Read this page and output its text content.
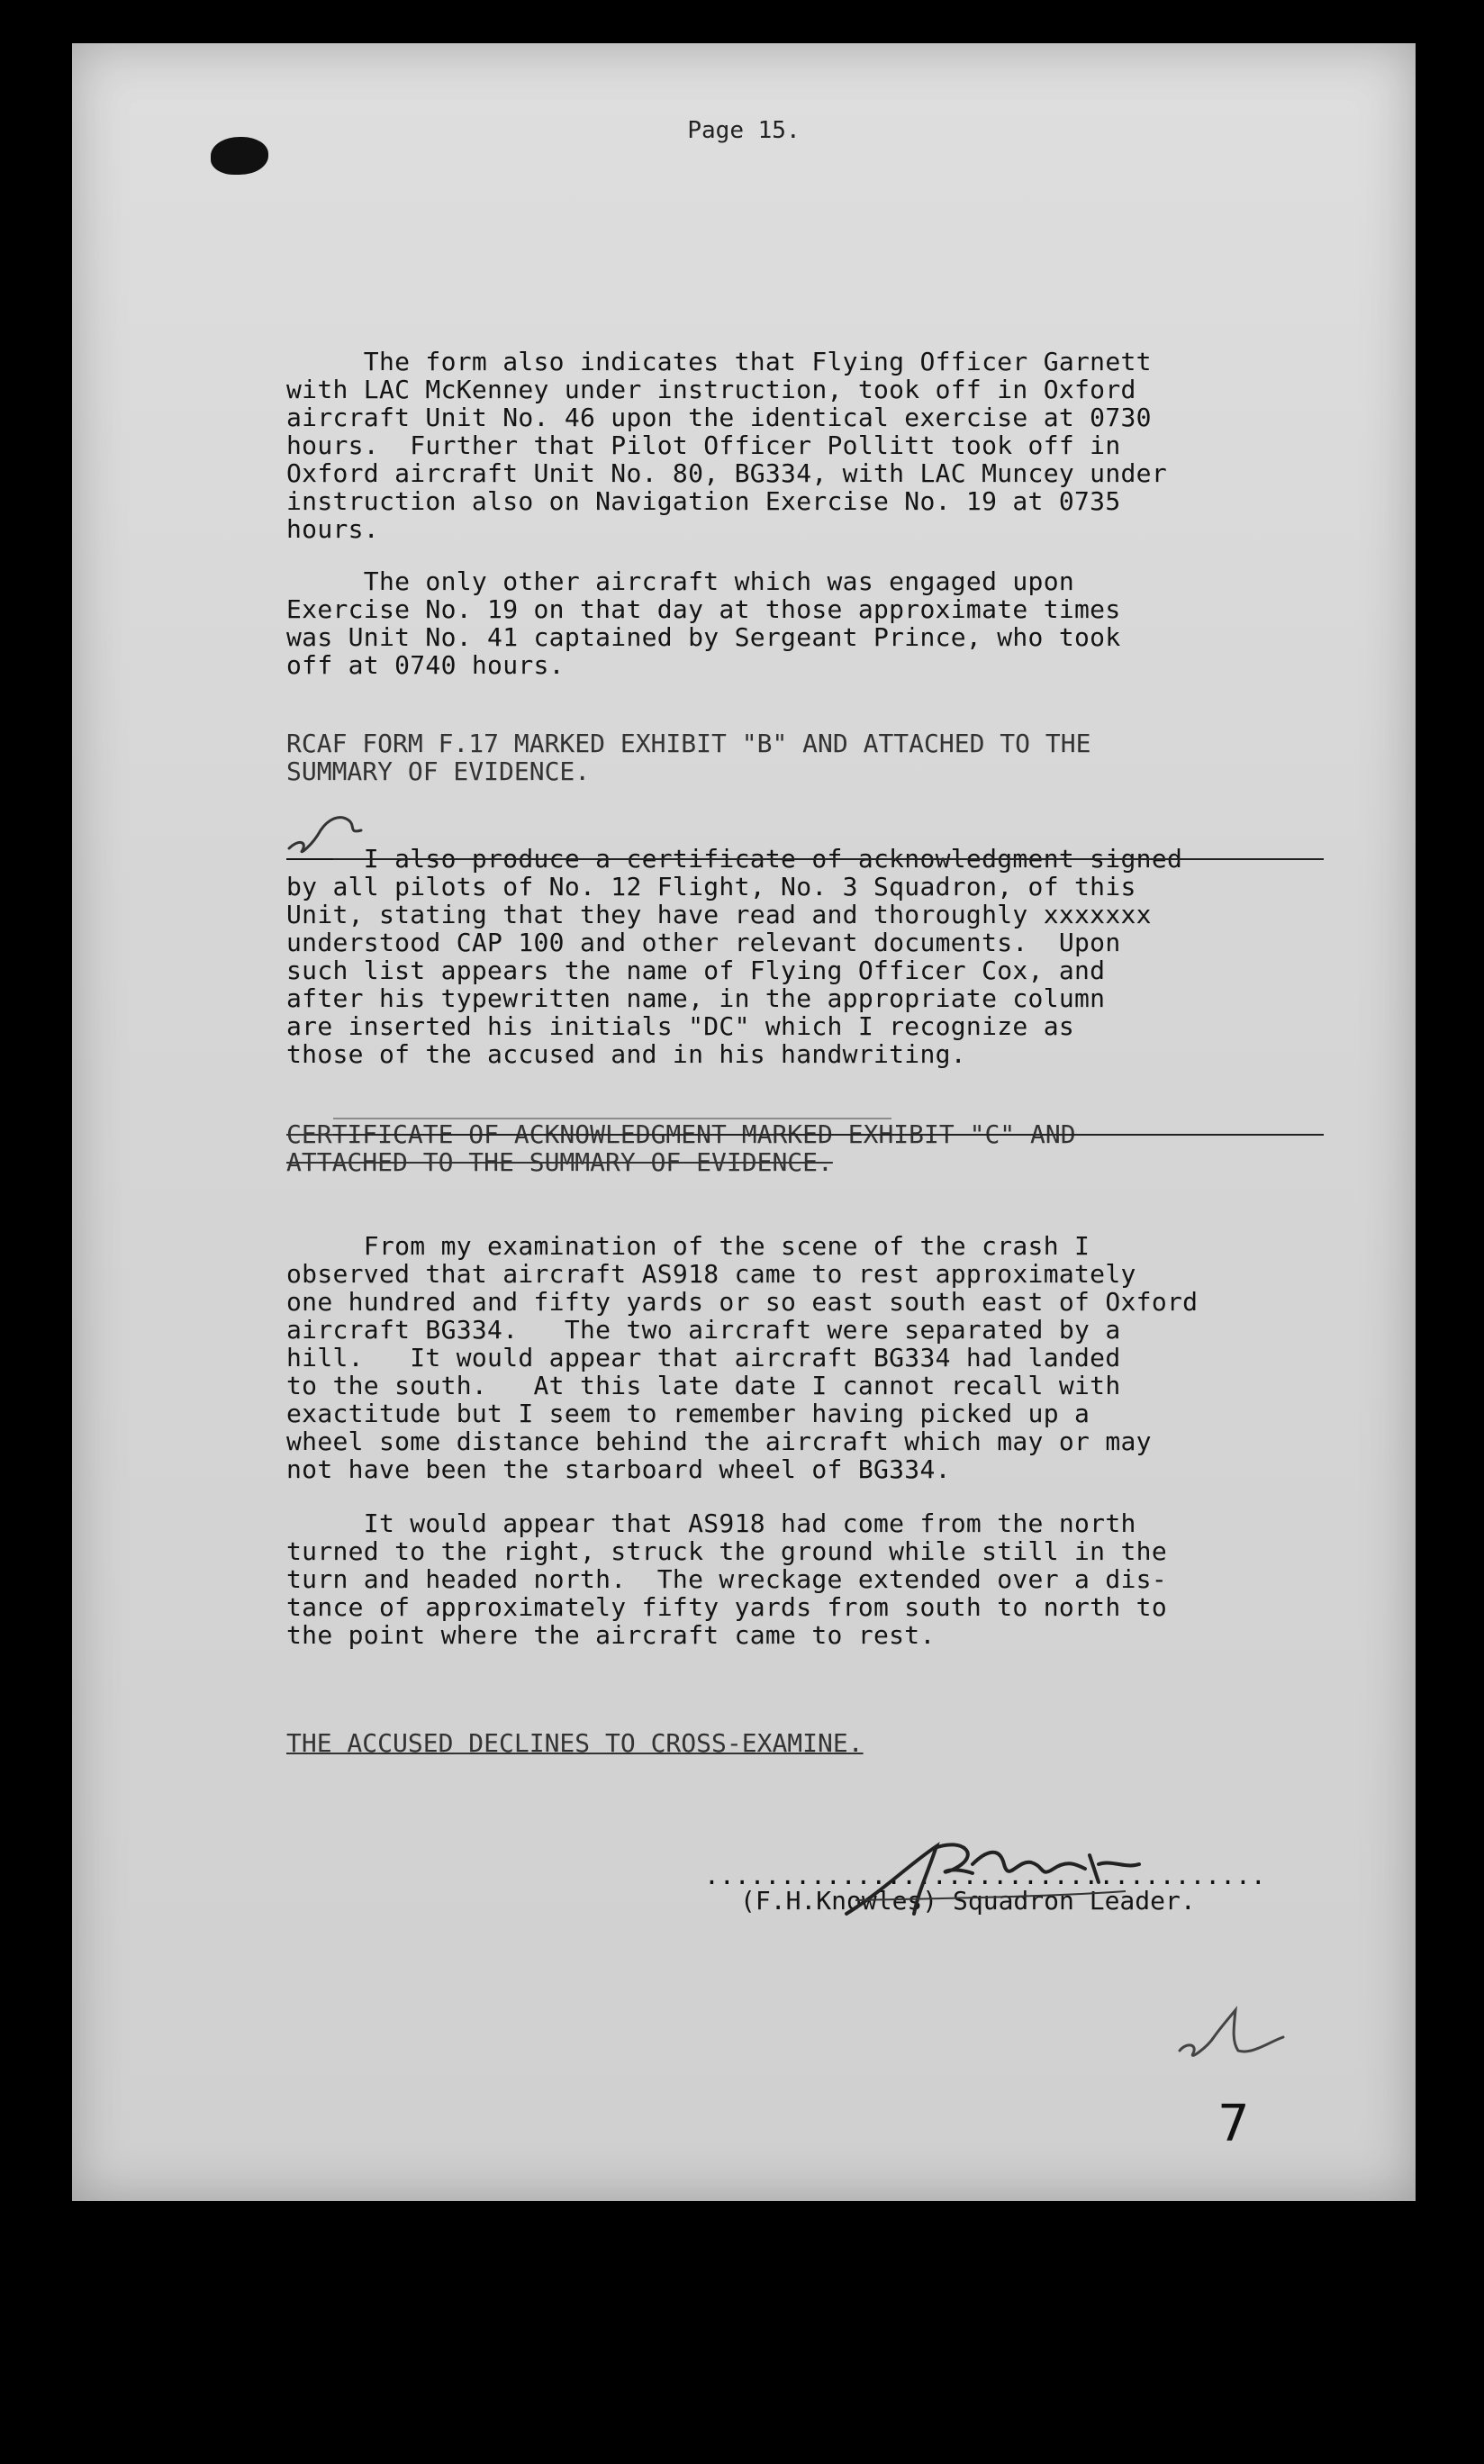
Page 15.
The form also indicates that Flying Officer Garnett
with LAC McKenney under instruction, took off in Oxford
aircraft Unit No. 46 upon the identical exercise at 0730
hours.  Further that Pilot Officer Pollitt took off in
Oxford aircraft Unit No. 80, BG334, with LAC Muncey under
instruction also on Navigation Exercise No. 19 at 0735
hours.
The only other aircraft which was engaged upon
Exercise No. 19 on that day at those approximate times
was Unit No. 41 captained by Sergeant Prince, who took
off at 0740 hours.
RCAF FORM F.17 MARKED EXHIBIT "B" AND ATTACHED TO THE
SUMMARY OF EVIDENCE.
I also produce a certificate of acknowledgment signed
by all pilots of No. 12 Flight, No. 3 Squadron, of this
Unit, stating that they have read and thoroughly xxxxxxx
understood CAP 100 and other relevant documents.  Upon
such list appears the name of Flying Officer Cox, and
after his typewritten name, in the appropriate column
are inserted his initials "DC" which I recognize as
those of the accused and in his handwriting.
CERTIFICATE OF ACKNOWLEDGMENT MARKED EXHIBIT "C" AND
ATTACHED TO THE SUMMARY OF EVIDENCE.
From my examination of the scene of the crash I
observed that aircraft AS918 came to rest approximately
one hundred and fifty yards or so east south east of Oxford
aircraft BG334.   The two aircraft were separated by a
hill.   It would appear that aircraft BG334 had landed
to the south.   At this late date I cannot recall with
exactitude but I seem to remember having picked up a
wheel some distance behind the aircraft which may or may
not have been the starboard wheel of BG334.
It would appear that AS918 had come from the north
turned to the right, struck the ground while still in the
turn and headed north.  The wreckage extended over a dis-
tance of approximately fifty yards from south to north to
the point where the aircraft came to rest.
THE ACCUSED DECLINES TO CROSS-EXAMINE.
.....................................
(F.H.Knowles) Squadron Leader.
7
